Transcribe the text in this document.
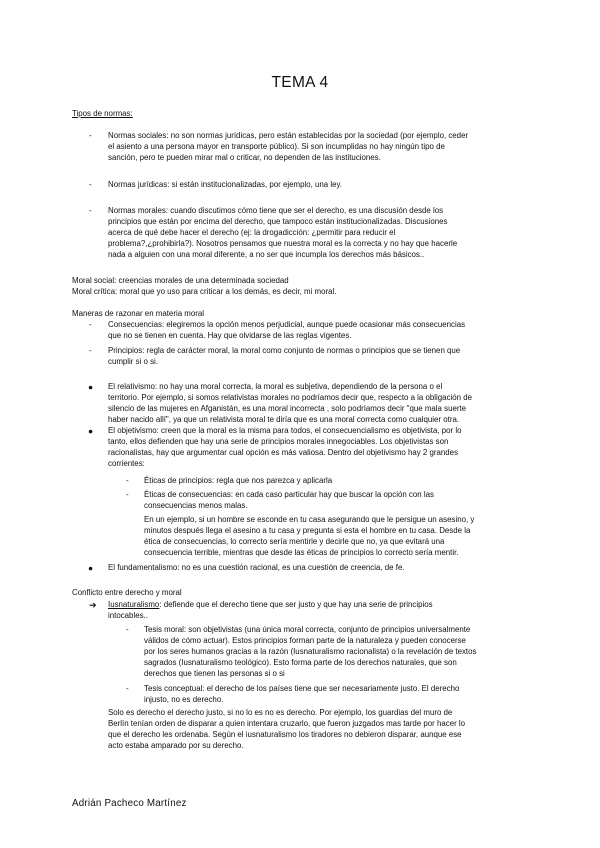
TEMA 4
Tipos de normas:
- Normas sociales: no son normas jurídicas, pero están establecidas por la sociedad (por ejemplo, ceder
el asiento a una persona mayor en transporte público). Si son incumplidas no hay ningún tipo de
sanción, pero te pueden mirar mal o criticar, no dependen de las instituciones.
- Normas jurídicas: si están institucionalizadas, por ejemplo, una ley.
- Normas morales: cuando discutimos cómo tiene que ser el derecho, es una discusión desde los
principios que están por encima del derecho, que tampoco están institucionalizadas. Discusiones
acerca de qué debe hacer el derecho (ej: la drogadicción: ¿permitir para reducir el
problema?,¿prohibirla?). Nosotros pensamos que nuestra moral es la correcta y no hay que hacerle
nada a alguien con una moral diferente, a no ser que incumpla los derechos más básicos..
Moral social: creencias morales de una determinada sociedad
Moral crítica: moral que yo uso para criticar a los demás, es decir, mi moral.
Maneras de razonar en materia moral
- Consecuencias: elegiremos la opción menos perjudicial, aunque puede ocasionar más consecuencias
que no se tienen en cuenta. Hay que olvidarse de las reglas vigentes.
- Principios: regla de carácter moral, la moral como conjunto de normas o principios que se tienen que
cumplir si o si.
● El relativismo: no hay una moral correcta, la moral es subjetiva, dependiendo de la persona o el
territorio. Por ejemplo, si somos relativistas morales no podríamos decir que, respecto a la obligación de
silencio de las mujeres en Afganistán, es una moral incorrecta , solo podríamos decir "que mala suerte
haber nacido allí", ya que un relativista moral te diría que es una moral correcta como cualquier otra.
● El objetivismo: creen que la moral es la misma para todos, el consecuencialismo es objetivista, por lo
tanto, ellos defienden que hay una serie de principios morales innegociables. Los objetivistas son
racionalistas, hay que argumentar cual opción es más valiosa. Dentro del objetivismo hay 2 grandes
corrientes:
- Éticas de principios: regla que nos parezca y aplicarla
- Éticas de consecuencias: en cada caso particular hay que buscar la opción con las
consecuencias menos malas.
En un ejemplo, si un hombre se esconde en tu casa asegurando que le persigue un asesino, y
minutos después llega el asesino a tu casa y pregunta si esta el hombre en tu casa. Desde la
ética de consecuencias, lo correcto sería mentirle y decirle que no, ya que evitará una
consecuencia terrible, mientras que desde las éticas de principios lo correcto sería mentir.
● El fundamentalismo: no es una cuestión racional, es una cuestión de creencia, de fe.
Conflicto entre derecho y moral
➔ Iusnaturalismo: defiende que el derecho tiene que ser justo y que hay una serie de principios
intocables..
- Tesis moral: son objetivistas (una única moral correcta, conjunto de principios universalmente
válidos de cómo actuar). Estos principios forman parte de la naturaleza y pueden conocerse
por los seres humanos gracias a la razón (Iusnaturalismo racionalista) o la revelación de textos
sagrados (Iusnaturalismo teológico). Esto forma parte de los derechos naturales, que son
derechos que tienen las personas si o si
- Tesis conceptual: el derecho de los países tiene que ser necesariamente justo. El derecho
injusto, no es derecho.
Solo es derecho el derecho justo, si no lo es no es derecho. Por ejemplo, los guardias del muro de
Berlín tenían orden de disparar a quien intentara cruzarlo, que fueron juzgados mas tarde por hacer lo
que el derecho les ordenaba. Según el iusnaturalismo los tiradores no debieron disparar, aunque ese
acto estaba amparado por su derecho.
Adrián Pacheco Martínez
